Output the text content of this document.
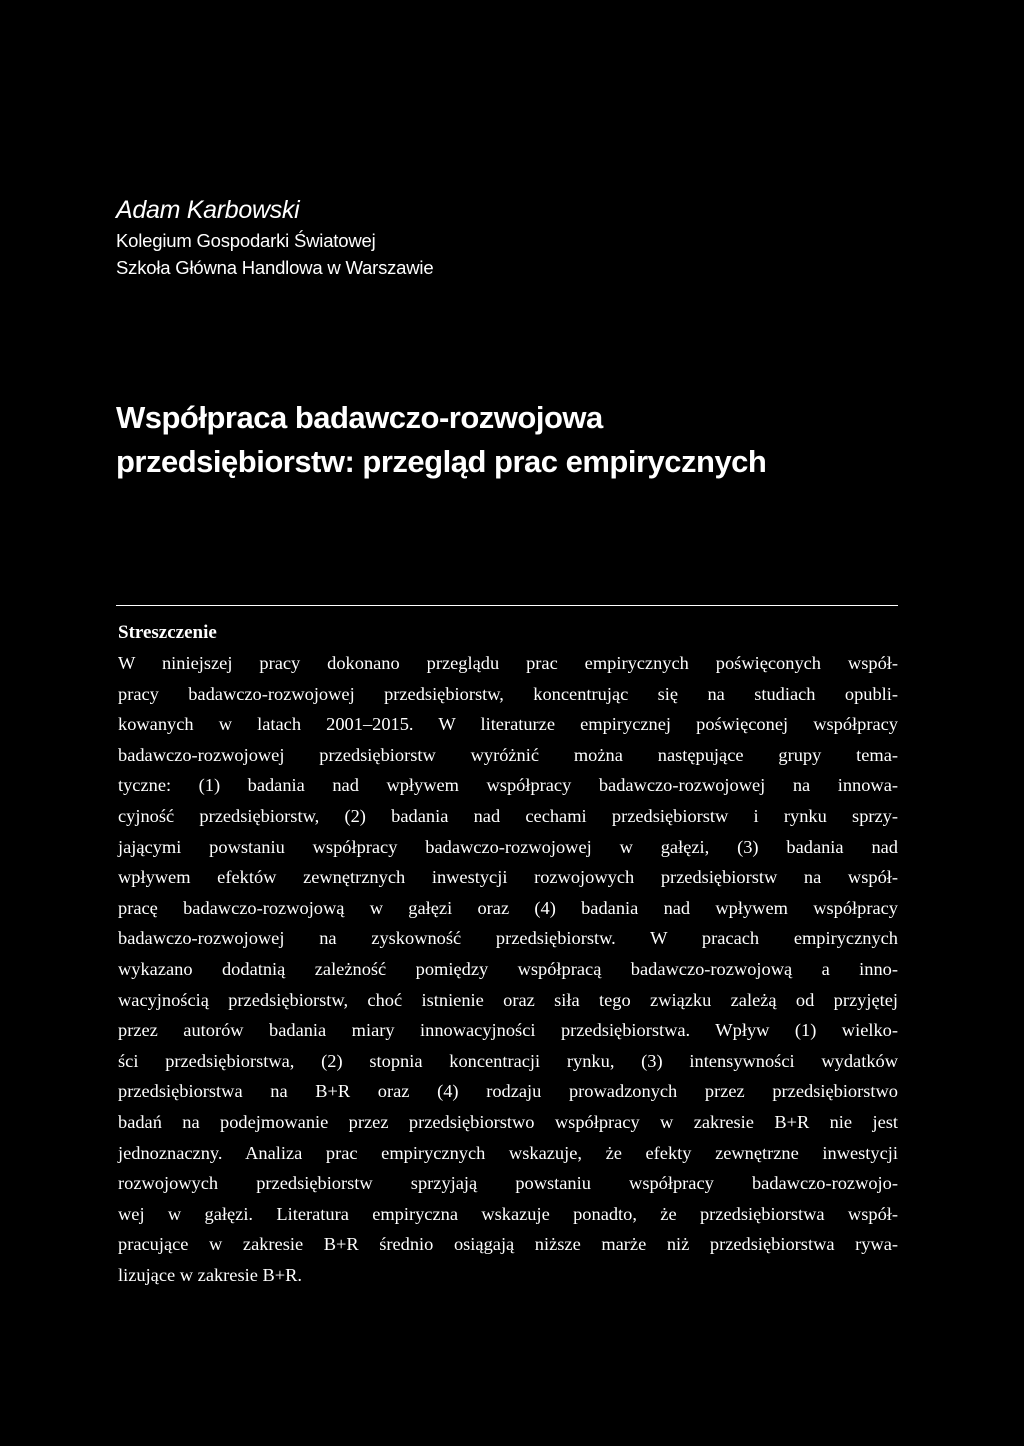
Adam Karbowski
Kolegium Gospodarki Światowej
Szkoła Główna Handlowa w Warszawie
Współpraca badawczo-rozwojowa
przedsiębiorstw: przegląd prac empirycznych
Streszczenie
W niniejszej pracy dokonano przeglądu prac empirycznych poświęconych współ-
pracy badawczo-rozwojowej przedsiębiorstw, koncentrując się na studiach opubli-
kowanych w latach 2001–2015. W literaturze empirycznej poświęconej współpracy
badawczo-rozwojowej przedsiębiorstw wyróżnić można następujące grupy tema-
tyczne: (1) badania nad wpływem współpracy badawczo-rozwojowej na innowa-
cyjność przedsiębiorstw, (2) badania nad cechami przedsiębiorstw i rynku sprzy-
jającymi powstaniu współpracy badawczo-rozwojowej w gałęzi, (3) badania nad
wpływem efektów zewnętrznych inwestycji rozwojowych przedsiębiorstw na współ-
pracę badawczo-rozwojową w gałęzi oraz (4) badania nad wpływem współpracy
badawczo-rozwojowej na zyskowność przedsiębiorstw. W pracach empirycznych
wykazano dodatnią zależność pomiędzy współpracą badawczo-rozwojową a inno-
wacyjnością przedsiębiorstw, choć istnienie oraz siła tego związku zależą od przyjętej
przez autorów badania miary innowacyjności przedsiębiorstwa. Wpływ (1) wielko-
ści przedsiębiorstwa, (2) stopnia koncentracji rynku, (3) intensywności wydatków
przedsiębiorstwa na B+R oraz (4) rodzaju prowadzonych przez przedsiębiorstwo
badań na podejmowanie przez przedsiębiorstwo współpracy w zakresie B+R nie jest
jednoznaczny. Analiza prac empirycznych wskazuje, że efekty zewnętrzne inwestycji
rozwojowych przedsiębiorstw sprzyjają powstaniu współpracy badawczo-rozwojo-
wej w gałęzi. Literatura empiryczna wskazuje ponadto, że przedsiębiorstwa współ-
pracujące w zakresie B+R średnio osiągają niższe marże niż przedsiębiorstwa rywa-
lizujące w zakresie B+R.
